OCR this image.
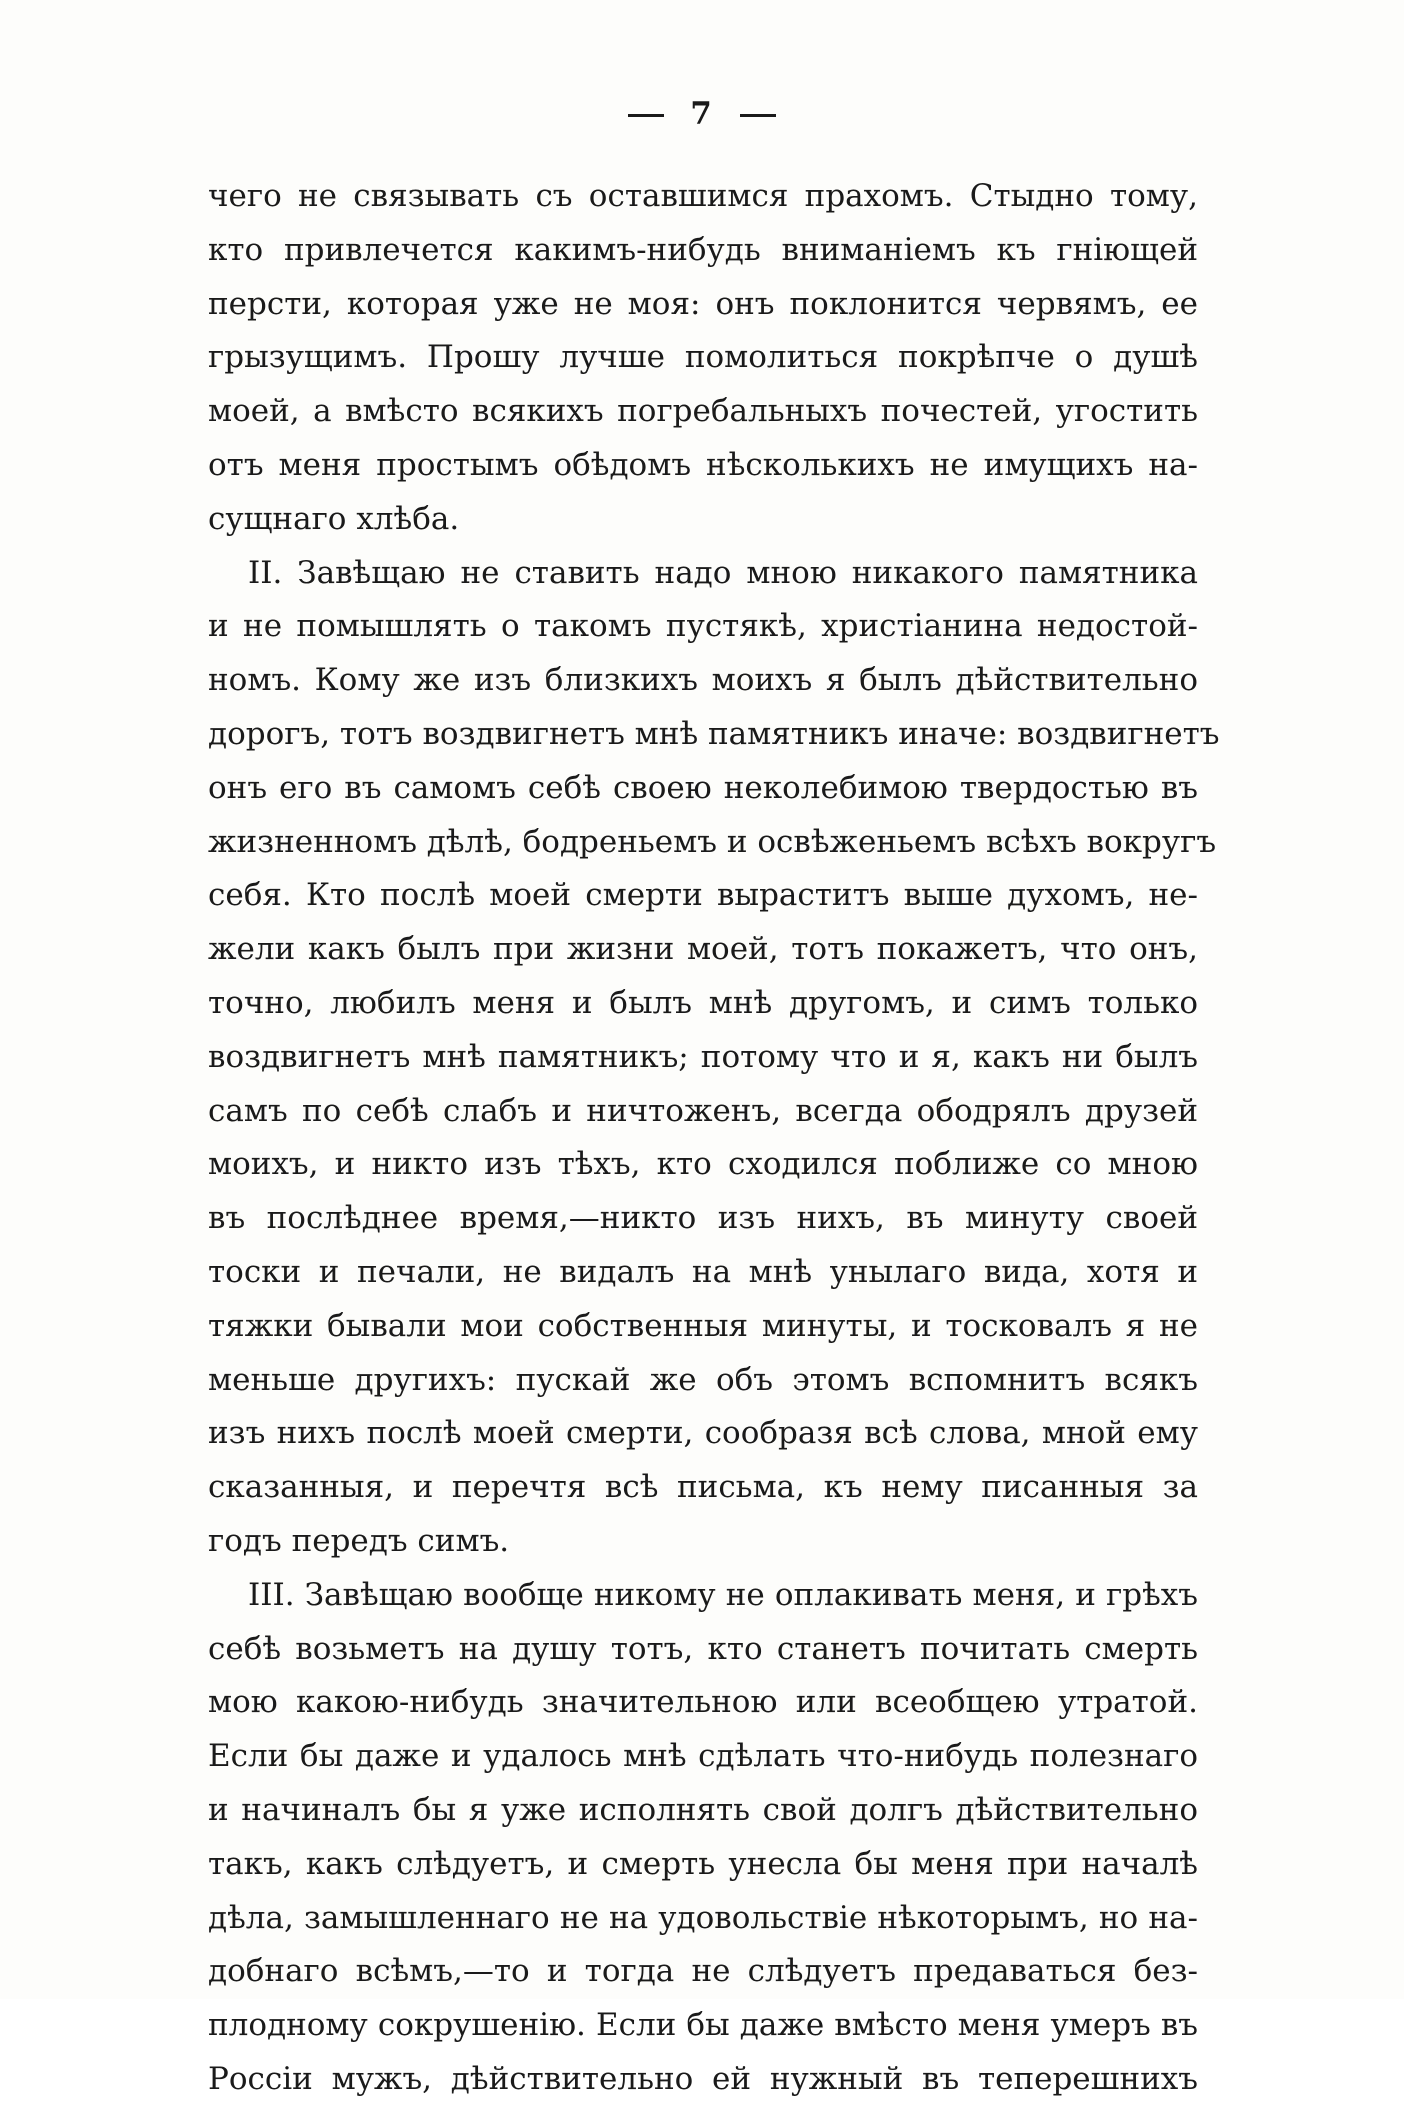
7
чего не связывать съ оставшимся прахомъ. Стыдно тому,
кто привлечется какимъ-нибудь вниманіемъ къ гніющей
персти, которая уже не моя: онъ поклонится червямъ, ее
грызущимъ. Прошу лучше помолиться покрѣпче о душѣ
моей, а вмѣсто всякихъ погребальныхъ почестей, угостить
отъ меня простымъ обѣдомъ нѣсколькихъ не имущихъ на-
сущнаго хлѣба.
II. Завѣщаю не ставить надо мною никакого памятника
и не помышлять о такомъ пустякѣ, христіанина недостой-
номъ. Кому же изъ близкихъ моихъ я былъ дѣйствительно
дорогъ, тотъ воздвигнетъ мнѣ памятникъ иначе: воздвигнетъ
онъ его въ самомъ себѣ своею неколебимою твердостью въ
жизненномъ дѣлѣ, бодреньемъ и освѣженьемъ всѣхъ вокругъ
себя. Кто послѣ моей смерти выраститъ выше духомъ, не-
жели какъ былъ при жизни моей, тотъ покажетъ, что онъ,
точно, любилъ меня и былъ мнѣ другомъ, и симъ только
воздвигнетъ мнѣ памятникъ; потому что и я, какъ ни былъ
самъ по себѣ слабъ и ничтоженъ, всегда ободрялъ друзей
моихъ, и никто изъ тѣхъ, кто сходился поближе со мною
въ послѣднее время,—никто изъ нихъ, въ минуту своей
тоски и печали, не видалъ на мнѣ унылаго вида, хотя и
тяжки бывали мои собственныя минуты, и тосковалъ я не
меньше другихъ: пускай же объ этомъ вспомнитъ всякъ
изъ нихъ послѣ моей смерти, сообразя всѣ слова, мной ему
сказанныя, и перечтя всѣ письма, къ нему писанныя за
годъ передъ симъ.
III. Завѣщаю вообще никому не оплакивать меня, и грѣхъ
себѣ возьметъ на душу тотъ, кто станетъ почитать смерть
мою какою-нибудь значительною или всеобщею утратой.
Если бы даже и удалось мнѣ сдѣлать что-нибудь полезнаго
и начиналъ бы я уже исполнять свой долгъ дѣйствительно
такъ, какъ слѣдуетъ, и смерть унесла бы меня при началѣ
дѣла, замышленнаго не на удовольствіе нѣкоторымъ, но на-
добнаго всѣмъ,—то и тогда не слѣдуетъ предаваться без-
плодному сокрушенію. Если бы даже вмѣсто меня умеръ въ
Россіи мужъ, дѣйствительно ей нужный въ теперешнихъ
